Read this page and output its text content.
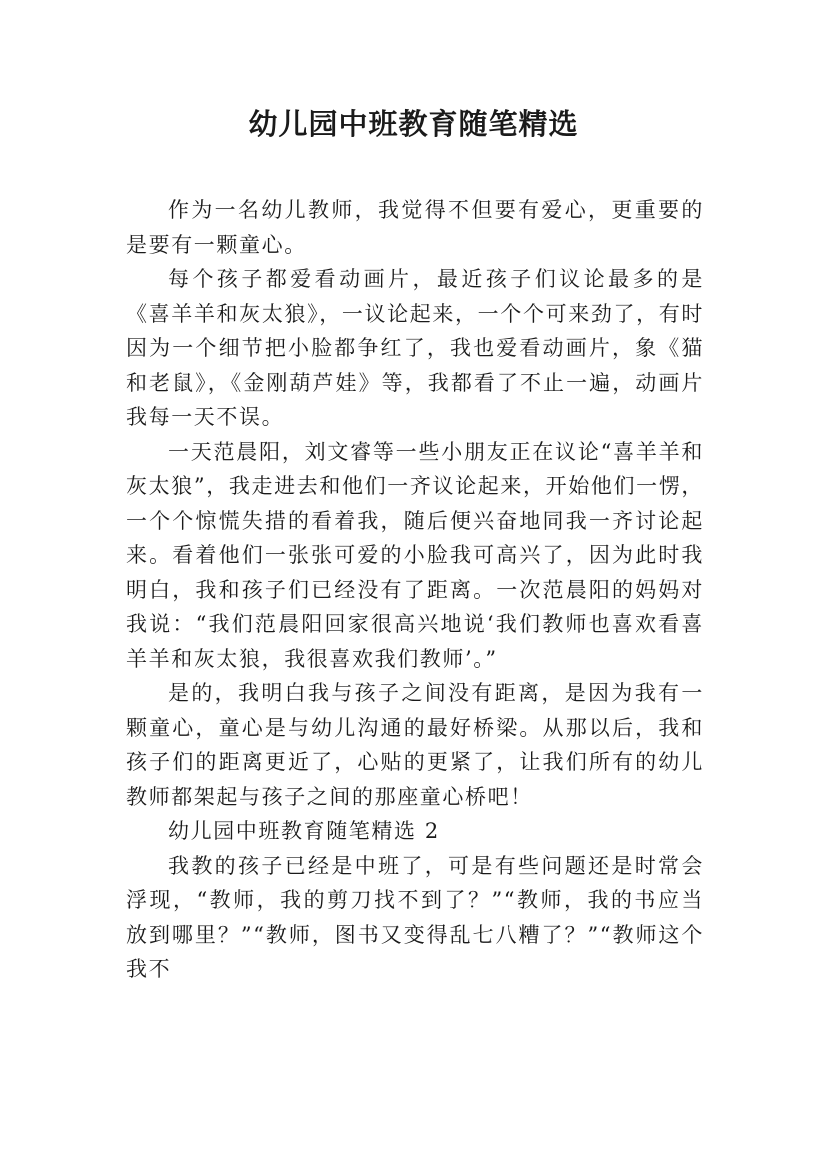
幼儿园中班教育随笔精选

作为一名幼儿教师，我觉得不但要有爱心，更重要的是要有一颗童心。

每个孩子都爱看动画片，最近孩子们议论最多的是《喜羊羊和灰太狼》，一议论起来，一个个可来劲了，有时因为一个细节把小脸都争红了，我也爱看动画片，象《猫和老鼠》，《金刚葫芦娃》等，我都看了不止一遍，动画片我每一天不误。

一天范晨阳，刘文睿等一些小朋友正在议论“喜羊羊和灰太狼”，我走进去和他们一齐议论起来，开始他们一愣，一个个惊慌失措的看着我，随后便兴奋地同我一齐讨论起来。看着他们一张张可爱的小脸我可高兴了，因为此时我明白，我和孩子们已经没有了距离。一次范晨阳的妈妈对我说：“我们范晨阳回家很高兴地说‘我们教师也喜欢看喜羊羊和灰太狼，我很喜欢我们教师’。”

是的，我明白我与孩子之间没有距离，是因为我有一颗童心，童心是与幼儿沟通的最好桥梁。从那以后，我和孩子们的距离更近了，心贴的更紧了，让我们所有的幼儿教师都架起与孩子之间的那座童心桥吧！

幼儿园中班教育随笔精选 2

我教的孩子已经是中班了，可是有些问题还是时常会浮现，“教师，我的剪刀找不到了？”“教师，我的书应当放到哪里？”“教师，图书又变得乱七八糟了？”“教师这个我不
